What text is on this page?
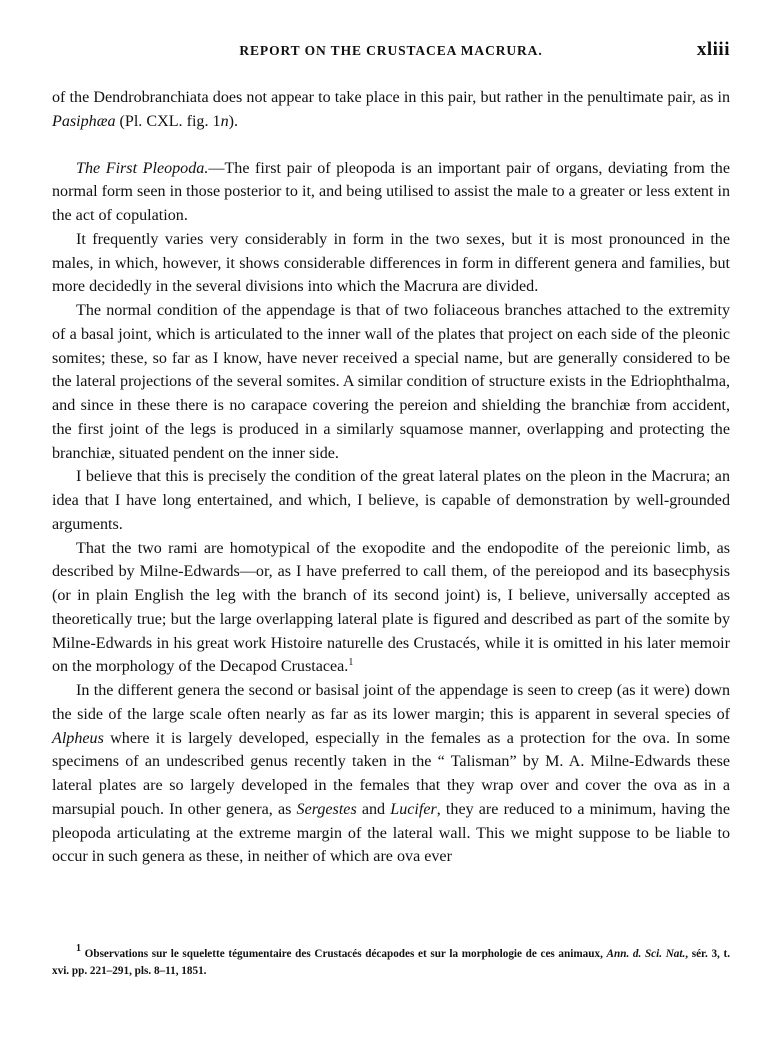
REPORT ON THE CRUSTACEA MACRURA.	xliii

of the Dendrobranchiata does not appear to take place in this pair, but rather in the penultimate pair, as in Pasiphæa (Pl. CXL. fig. 1n).

The First Pleopoda.—The first pair of pleopoda is an important pair of organs, deviating from the normal form seen in those posterior to it, and being utilised to assist the male to a greater or less extent in the act of copulation.

It frequently varies very considerably in form in the two sexes, but it is most pronounced in the males, in which, however, it shows considerable differences in form in different genera and families, but more decidedly in the several divisions into which the Macrura are divided.

The normal condition of the appendage is that of two foliaceous branches attached to the extremity of a basal joint, which is articulated to the inner wall of the plates that project on each side of the pleonic somites; these, so far as I know, have never received a special name, but are generally considered to be the lateral projections of the several somites. A similar condition of structure exists in the Edriophthalma, and since in these there is no carapace covering the pereion and shielding the branchiæ from accident, the first joint of the legs is produced in a similarly squamose manner, overlapping and protecting the branchiæ, situated pendent on the inner side.

I believe that this is precisely the condition of the great lateral plates on the pleon in the Macrura; an idea that I have long entertained, and which, I believe, is capable of demonstration by well-grounded arguments.

That the two rami are homotypical of the exopodite and the endopodite of the pereionic limb, as described by Milne-Edwards—or, as I have preferred to call them, of the pereiopod and its basecphysis (or in plain English the leg with the branch of its second joint) is, I believe, universally accepted as theoretically true; but the large overlapping lateral plate is figured and described as part of the somite by Milne-Edwards in his great work Histoire naturelle des Crustacés, while it is omitted in his later memoir on the morphology of the Decapod Crustacea.$^1$

In the different genera the second or basisal joint of the appendage is seen to creep (as it were) down the side of the large scale often nearly as far as its lower margin; this is apparent in several species of Alpheus where it is largely developed, especially in the females as a protection for the ova. In some specimens of an undescribed genus recently taken in the “ Talisman” by M. A. Milne-Edwards these lateral plates are so largely developed in the females that they wrap over and cover the ova as in a marsupial pouch. In other genera, as Sergestes and Lucifer, they are reduced to a minimum, having the pleopoda articulating at the extreme margin of the lateral wall. This we might suppose to be liable to occur in such genera as these, in neither of which are ova ever

$^1$ Observations sur le squelette tégumentaire des Crustacés décapodes et sur la morphologie de ces animaux, Ann. d. Sci. Nat., sér. 3, t. xvi. pp. 221–291, pls. 8–11, 1851.
